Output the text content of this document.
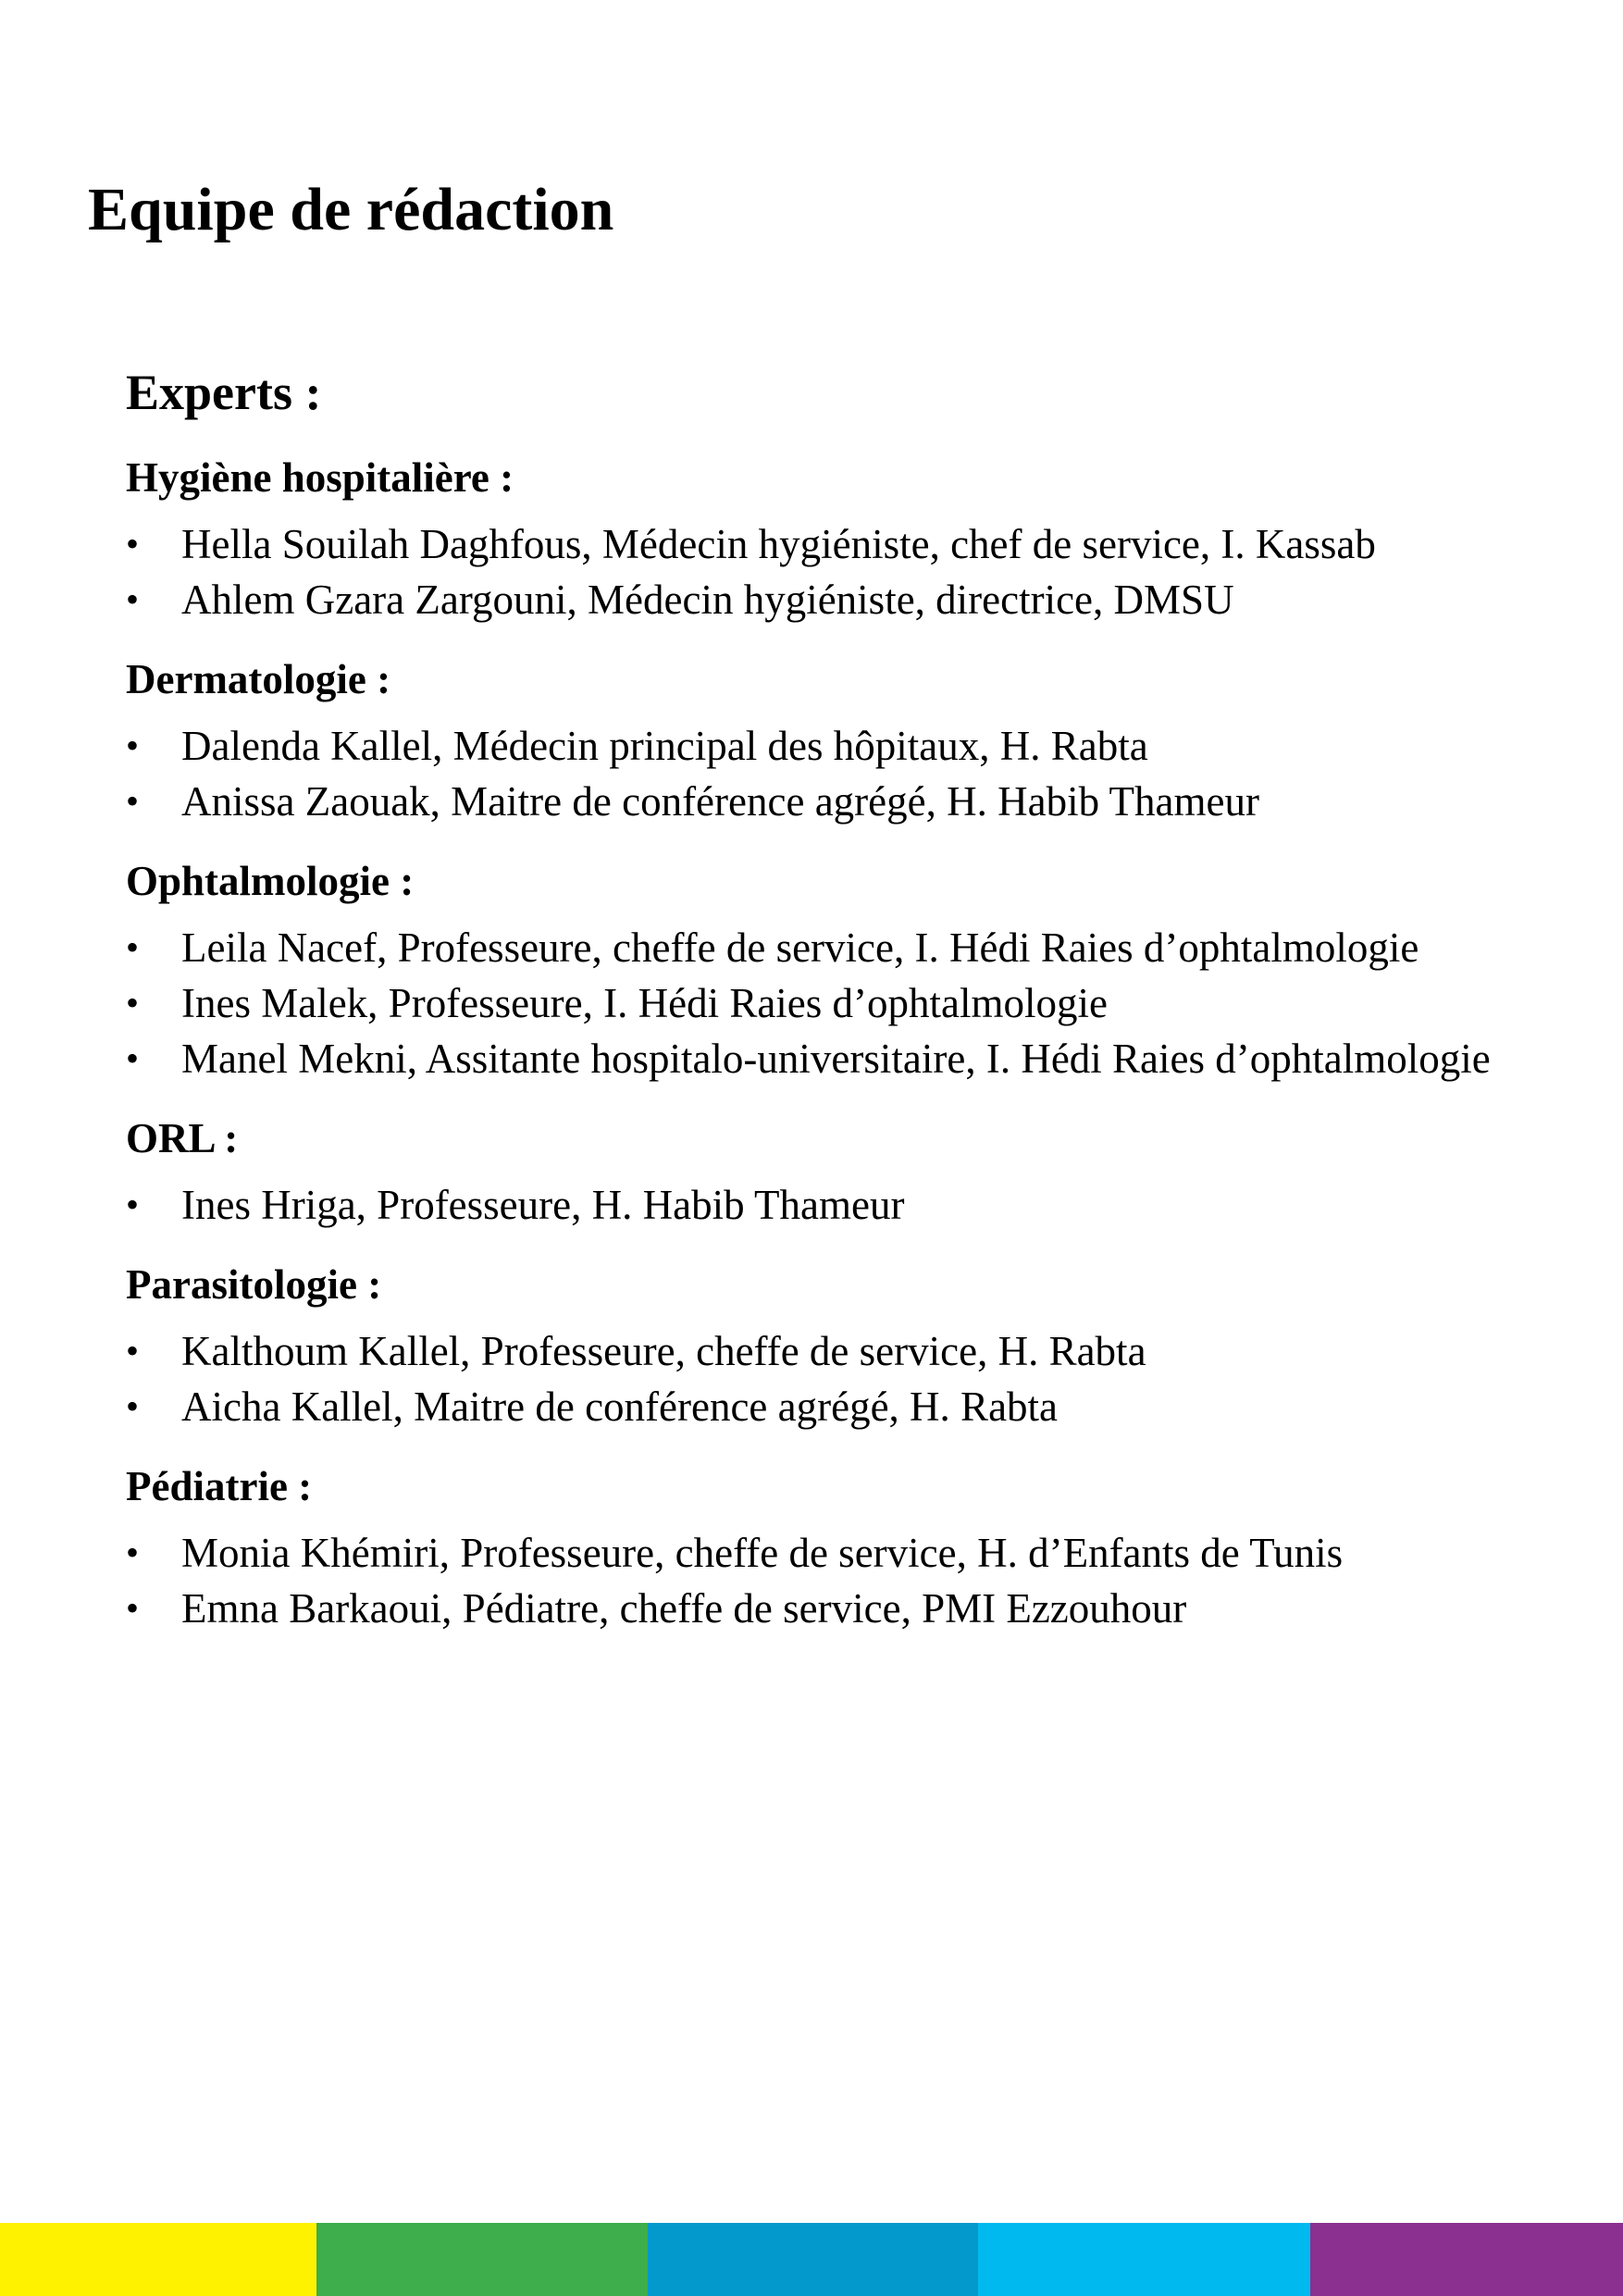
Equipe de rédaction
Experts :
Hygiène hospitalière :
•	Hella Souilah Daghfous, Médecin hygiéniste, chef de service, I. Kassab
•	Ahlem Gzara Zargouni, Médecin hygiéniste, directrice, DMSU
Dermatologie :
•	Dalenda Kallel, Médecin principal des hôpitaux, H. Rabta
•	Anissa Zaouak, Maitre de conférence agrégé, H. Habib Thameur
Ophtalmologie :
•	Leila Nacef, Professeure, cheffe de service, I. Hédi Raies d’ophtalmologie
•	Ines Malek, Professeure, I. Hédi Raies d’ophtalmologie
•	Manel Mekni, Assitante hospitalo-universitaire, I. Hédi Raies d’ophtalmologie
ORL :
•	Ines Hriga, Professeure, H. Habib Thameur
Parasitologie :
•	Kalthoum Kallel, Professeure, cheffe de service, H. Rabta
•	Aicha Kallel, Maitre de conférence agrégé, H. Rabta
Pédiatrie :
•	Monia Khémiri, Professeure, cheffe de service, H. d’Enfants de Tunis
•	Emna Barkaoui, Pédiatre, cheffe de service, PMI Ezzouhour
